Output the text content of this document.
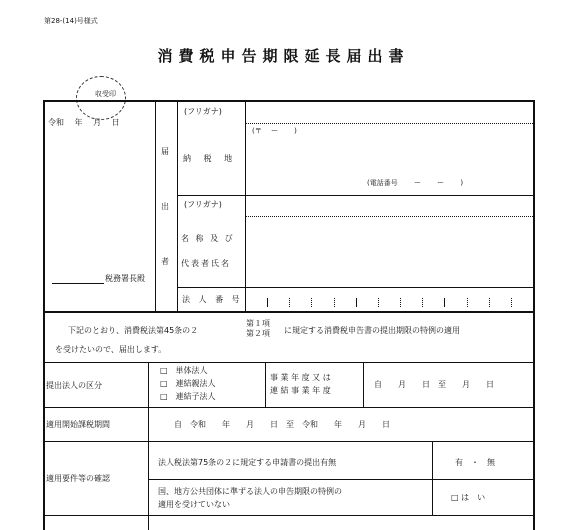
第28-(14)号様式
消費税申告期限延長届出書
収受印
令和　 年　 月　 日
税務署長殿
届
出
者
(フリガナ)
納 税 地
(〒　 ー　　 )
(電話番号　　 ー　　 ー　　 )
(フリガナ)
名 称 及 び
代表者氏名
法 人 番 号
下記のとおり、消費税法第45条の２
第１項
第２項 に規定する消費税申告書の提出期限の特例の適用
を受けたいので、届出します。
提出法人の区分
□　単体法人
□　連結親法人
□　連結子法人
事 業 年 度 又 は
連 結 事 業 年 度
自　　月　　日　至　　月　　日
適用開始課税期間	自　令和　　年　　月　　日　至　令和　　年　　月　　日
適用要件等の確認
法人税法第75条の２に規定する申請書の提出有無	有　・　無
国、地方公共団体に準ずる法人の申告期限の特例の
適用を受けていない
□ は　い
